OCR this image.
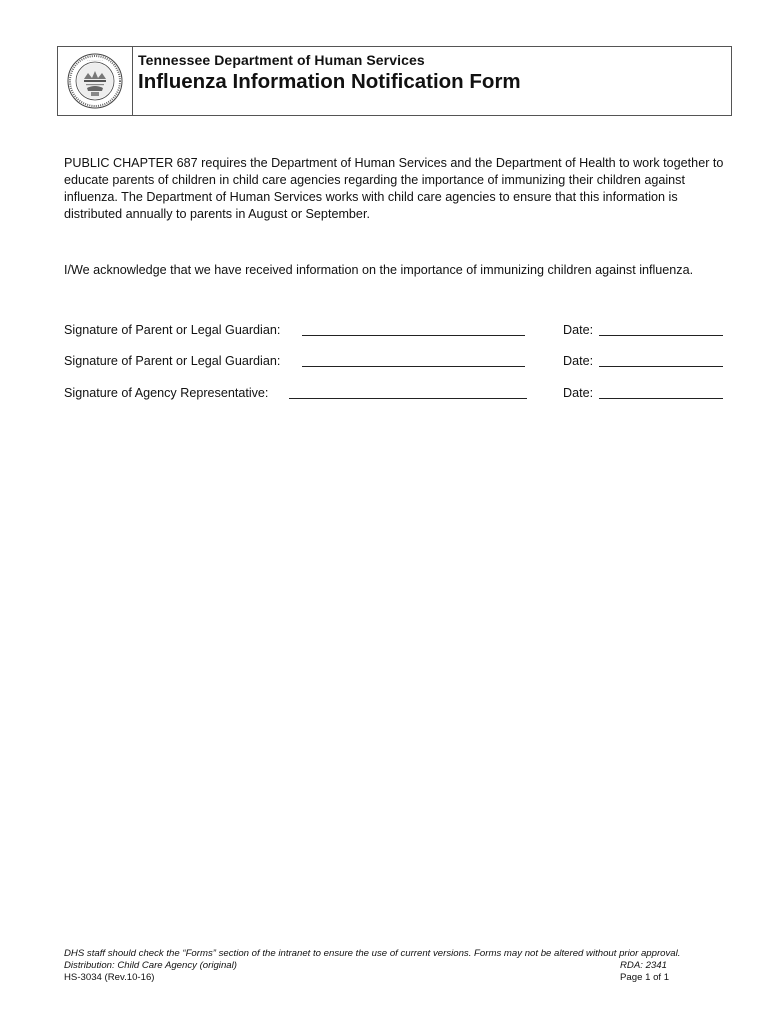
· · · · · · · ·	Tennessee Department of Human Services
Influenza Information Notification Form

PUBLIC CHAPTER 687 requires the Department of Human Services and the Department of Health to work together to educate parents of children in child care agencies regarding the importance of immunizing their children against influenza. The Department of Human Services works with child care agencies to ensure that this information is distributed annually to parents in August or September.

I/We acknowledge that we have received information on the importance of immunizing children against influenza.

Signature of Parent or Legal Guardian:	Date:
Signature of Parent or Legal Guardian:	Date:
Signature of Agency Representative:	Date:
DHS staff should check the “Forms” section of the intranet to ensure the use of current versions. Forms may not be altered without prior approval.
Distribution: Child Care Agency (original)	RDA: 2341
HS-3034 (Rev.10-16)	Page 1 of 1
